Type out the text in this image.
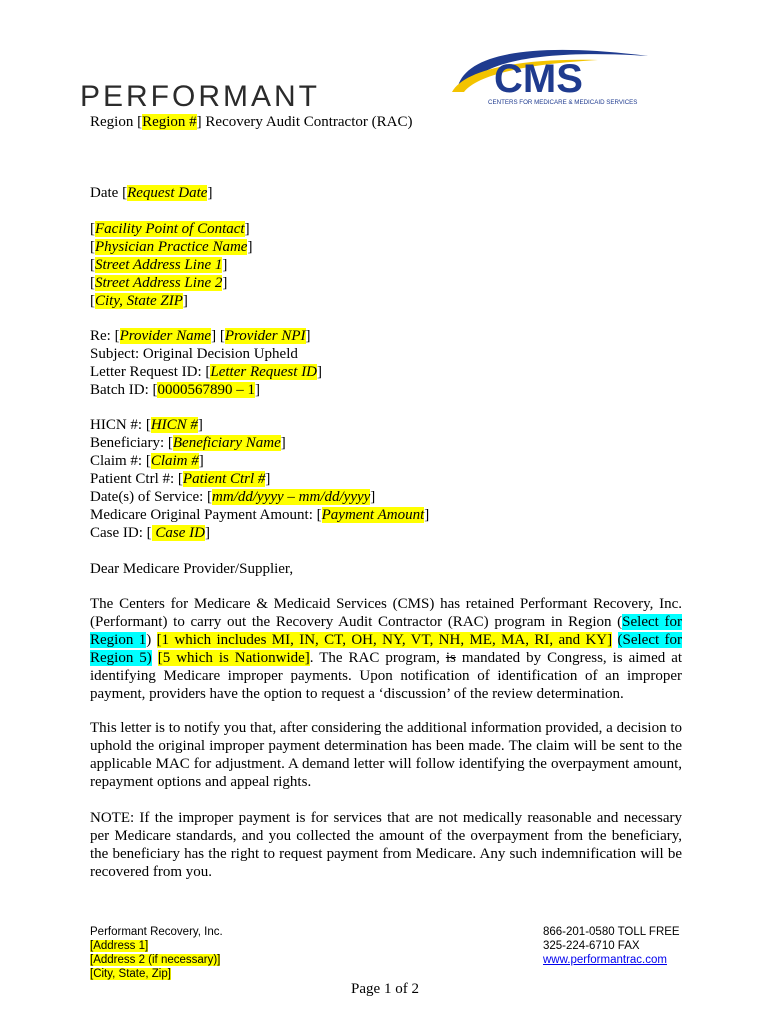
PERFORMANT	CMS
CENTERS FOR MEDICARE & MEDICAID SERVICES
Region [Region #] Recovery Audit Contractor (RAC)
Date [Request Date]

[Facility Point of Contact]

[Physician Practice Name]

[Street Address Line 1]

[Street Address Line 2]

[City, State ZIP]

Re: [Provider Name] [Provider NPI]

Subject: Original Decision Upheld

Letter Request ID: [Letter Request ID]

Batch ID: [0000567890 – 1]

HICN #: [HICN #]

Beneficiary: [Beneficiary Name]

Claim #: [Claim #]

Patient Ctrl #: [Patient Ctrl #]

Date(s) of Service: [mm/dd/yyyy – mm/dd/yyyy]

Medicare Original Payment Amount: [Payment Amount]

Case ID: [ Case ID]

Dear Medicare Provider/Supplier,
The Centers for Medicare & Medicaid Services (CMS) has retained Performant Recovery, Inc. (Performant) to carry out the Recovery Audit Contractor (RAC) program in Region (Select for Region 1) [1 which includes MI, IN, CT, OH, NY, VT, NH, ME, MA, RI, and KY] (Select for Region 5) [5 which is Nationwide]. The RAC program, is mandated by Congress, is aimed at identifying Medicare improper payments. Upon notification of identification of an improper payment, providers have the option to request a ‘discussion’ of the review determination.
This letter is to notify you that, after considering the additional information provided, a decision to uphold the original improper payment determination has been made. The claim will be sent to the applicable MAC for adjustment. A demand letter will follow identifying the overpayment amount, repayment options and appeal rights.
NOTE: If the improper payment is for services that are not medically reasonable and necessary per Medicare standards, and you collected the amount of the overpayment from the beneficiary, the beneficiary has the right to request payment from Medicare. Any such indemnification will be recovered from you.
Performant Recovery, Inc.
[Address 1]
[Address 2 (if necessary)]
[City, State, Zip]
866-201-0580 TOLL FREE
325-224-6710 FAX
www.performantrac.com
Page 1 of 2
